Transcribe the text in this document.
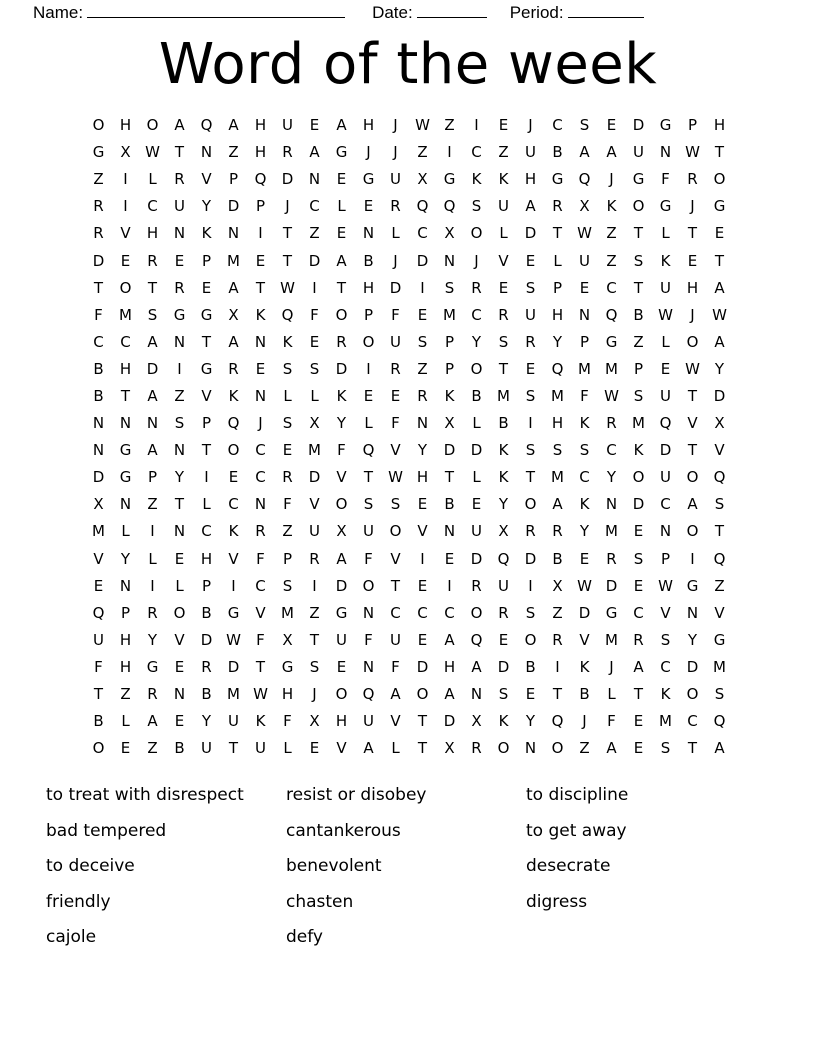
Name:	Date:	Period:
Word of the week
O	H	O	A	Q	A	H	U	E	A	H	J	W Z	I	E	J	C	S	E	D	G	P	H
G	X W T	N	Z	H	R	A	G	J	J	Z	I	C	Z	U	B	A	A	U	N W T
Z	I	L	R	V	P	Q	D	N	E	G	U	X	G	K	K	H	G	Q	J	G	F	R	O
R	I	C	U	Y	D	P	J	C	L	E	R	Q	Q	S	U	A	R	X	K	O	G	J	G
R	V	H	N	K	N	I	T	Z	E	N	L	C	X	O	L	D	T	W Z	T	L	T	E
D	E	R	E	P	M	E	T	D	A	B	J	D	N	J	V	E	L	U	Z	S	K	E	T
T	O	T	R	E	A	T	W	I	T	H	D	I	S	R	E	S	P	E	C	T	U	H	A
F	M	S	G	G	X	K	Q	F	O	P	F	E	M	C	R	U	H	N	Q	B W	J	W
C	C	A	N	T	A	N	K	E	R	O	U	S	P	Y	S	R	Y	P	G	Z	L	O	A
B	H	D	I	G	R	E	S	S	D	I	R	Z	P	O	T	E	Q M M	P	E W Y
B	T	A	Z	V	K	N	L	L	K	E	E	R	K	B	M	S	M	F	W S	U	T	D
N	N	N	S	P	Q	J	S	X	Y	L	F	N	X	L	B	I	H	K	R	M Q	V	X
N	G	A	N	T	O	C	E	M	F	Q	V	Y	D	D	K	S	S	S	C	K	D	T	V
D	G	P	Y	I	E	C	R	D	V	T	W H	T	L	K	T	M	C	Y	O	U	O	Q
X	N	Z	T	L	C	N	F	V	O	S	S	E	B	E	Y	O	A	K	N	D	C	A	S
M	L	I	N	C	K	R	Z	U	X	U	O	V	N	U	X	R	R	Y	M	E	N	O	T
V	Y	L	E	H	V	F	P	R	A	F	V	I	E	D	Q	D	B	E	R	S	P	I	Q
E	N	I	L	P	I	C	S	I	D	O	T	E	I	R	U	I	X W D	E W G	Z
Q	P	R	O	B	G	V	M	Z	G	N	C	C	C	O	R	S	Z	D	G	C	V	N	V
U	H	Y	V	D W	F	X	T	U	F	U	E	A	Q	E	O	R	V	M	R	S	Y	G
F	H	G	E	R	D	T	G	S	E	N	F	D	H	A	D	B	I	K	J	A	C	D M
T	Z	R	N	B	M W H	J	O	Q	A	O	A	N	S	E	T	B	L	T	K	O	S
B	L	A	E	Y	U	K	F	X	H	U	V	T	D	X	K	Y	Q	J	F	E	M	C	Q
O	E	Z	B	U	T	U	L	E	V	A	L	T	X	R	O	N	O	Z	A	E	S	T	A
to treat with disrespect
bad tempered
to deceive
friendly
cajole
resist or disobey
cantankerous
benevolent
chasten
defy
to discipline
to get away
desecrate
digress
